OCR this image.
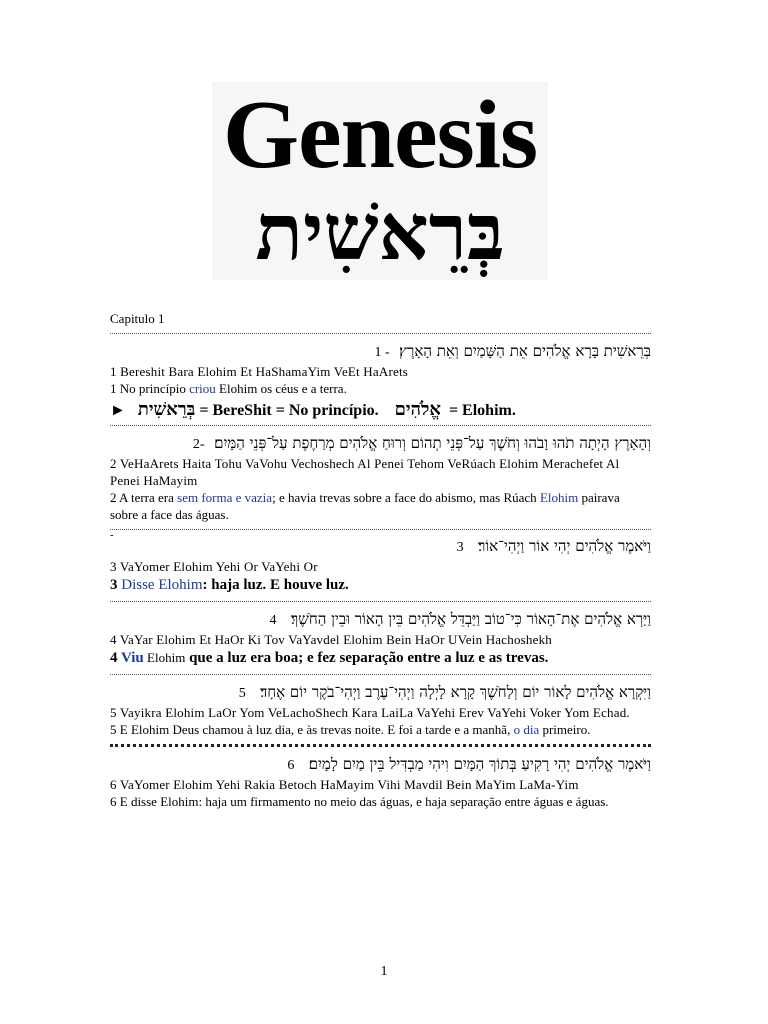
Genesis
בְּרֵאשִׁית
Capitulo 1
בְּרֵאשִׁית בָּרָא אֱלֹהִים אֵת הַשָּׁמַיִם וְאֵת הָאָרֶץ׃  - 1
1 Bereshit Bara Elohim Et HaShamaYim VeEt HaArets
1 No princípio criou Elohim os céus e a terra.
► בְּרֵאשִׁית = BereShit = No princípio. אֱלֹהִים  = Elohim.
וְהָאָרֶץ הָיְתָה תֹהוּ וָבֹהוּ וְחֹשֶׁךְ עַל־פְּנֵי תְהוֹם וְרוּחַ אֱלֹהִים מְרַחֶפֶת עַל־פְּנֵי הַמָּיִם׃  -2
2 VeHaArets Haita Tohu VaVohu Vechoshech Al Penei Tehom VeRúach Elohim Merachefet Al Penei HaMayim
2 A terra era sem forma e vazia; e havia trevas sobre a face do abismo, mas Rúach Elohim pairava sobre a face das águas.
-
וַיֹּאמֶר אֱלֹהִים יְהִי אוֹר וַיְהִי־אוֹר׃   3
3 VaYomer Elohim Yehi Or VaYehi Or
3 Disse Elohim: haja luz. E houve luz.
וַיַּרְא אֱלֹהִים אֶת־הָאוֹר כִּי־טוֹב וַיַּבְדֵּל אֱלֹהִים בֵּין הָאוֹר וּבֵין הַחֹשֶׁךְ׃   4
4 VaYar Elohim Et HaOr Ki Tov VaYavdel Elohim Bein HaOr UVein Hachoshekh
4 Viu Elohim que a luz era boa; e fez separação entre a luz e as trevas.
וַיִּקְרָא אֱלֹהִים לָאוֹר יוֹם וְלַחֹשֶׁךְ קָרָא לָיְלָה וַיְהִי־עֶרֶב וַיְהִי־בֹקֶר יוֹם אֶחָד׃   5
5 Vayikra Elohim LaOr Yom VeLachoShech Kara LaiLa VaYehi Erev VaYehi Voker Yom Echad.
5 E Elohim Deus chamou à luz dia, e às trevas noite. E foi a tarde e a manhã, o dia primeiro.
וַיֹּאמֶר אֱלֹהִים יְהִי רָקִיעַ בְּתוֹךְ הַמָּיִם וִיהִי מַבְדִּיל בֵּין מַיִם לָמָיִם׃   6
6 VaYomer Elohim Yehi Rakia Betoch HaMayim Vihi Mavdil Bein MaYim LaMa-Yim
6 E disse Elohim: haja um firmamento no meio das águas, e haja separação entre águas e águas.
1
